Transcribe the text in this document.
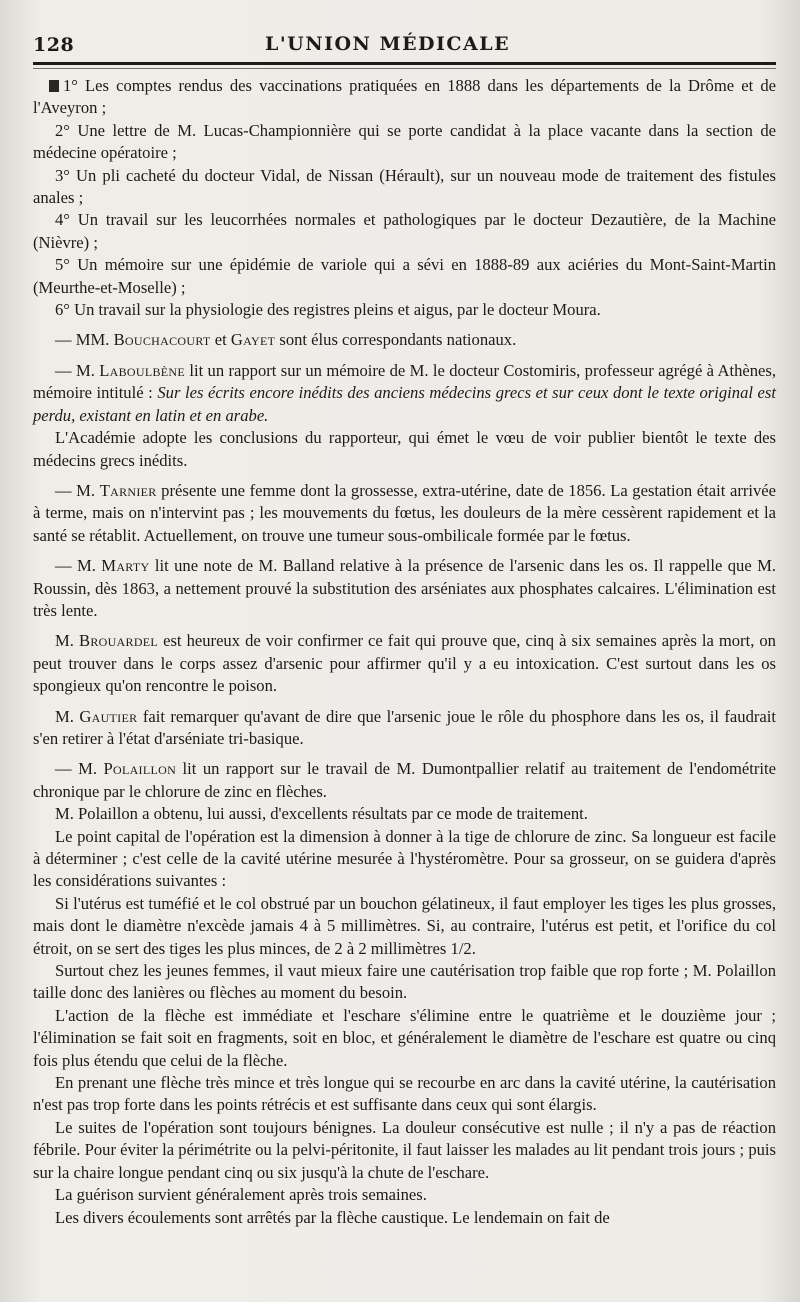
128	L'UNION MÉDICALE

1° Les comptes rendus des vaccinations pratiquées en 1888 dans les départements de la Drôme et de l'Aveyron ;

2° Une lettre de M. Lucas-Championnière qui se porte candidat à la place vacante dans la section de médecine opératoire ;

3° Un pli cacheté du docteur Vidal, de Nissan (Hérault), sur un nouveau mode de traitement des fistules anales ;

4° Un travail sur les leucorrhées normales et pathologiques par le docteur Dezautière, de la Machine (Nièvre) ;

5° Un mémoire sur une épidémie de variole qui a sévi en 1888-89 aux aciéries du Mont-Saint-Martin (Meurthe-et-Moselle) ;

6° Un travail sur la physiologie des registres pleins et aigus, par le docteur Moura.

— MM. Bouchacourt et Gayet sont élus correspondants nationaux.

— M. Laboulbène lit un rapport sur un mémoire de M. le docteur Costomiris, professeur agrégé à Athènes, mémoire intitulé : Sur les écrits encore inédits des anciens médecins grecs et sur ceux dont le texte original est perdu, existant en latin et en arabe.

L'Académie adopte les conclusions du rapporteur, qui émet le vœu de voir publier bientôt le texte des médecins grecs inédits.

— M. Tarnier présente une femme dont la grossesse, extra-utérine, date de 1856. La gestation était arrivée à terme, mais on n'intervint pas ; les mouvements du fœtus, les douleurs de la mère cessèrent rapidement et la santé se rétablit. Actuellement, on trouve une tumeur sous-ombilicale formée par le fœtus.

— M. Marty lit une note de M. Balland relative à la présence de l'arsenic dans les os. Il rappelle que M. Roussin, dès 1863, a nettement prouvé la substitution des arséniates aux phosphates calcaires. L'élimination est très lente.

M. Brouardel est heureux de voir confirmer ce fait qui prouve que, cinq à six semaines après la mort, on peut trouver dans le corps assez d'arsenic pour affirmer qu'il y a eu intoxication. C'est surtout dans les os spongieux qu'on rencontre le poison.

M. Gautier fait remarquer qu'avant de dire que l'arsenic joue le rôle du phosphore dans les os, il faudrait s'en retirer à l'état d'arséniate tri-basique.

— M. Polaillon lit un rapport sur le travail de M. Dumontpallier relatif au traitement de l'endométrite chronique par le chlorure de zinc en flèches.

M. Polaillon a obtenu, lui aussi, d'excellents résultats par ce mode de traitement.

Le point capital de l'opération est la dimension à donner à la tige de chlorure de zinc. Sa longueur est facile à déterminer ; c'est celle de la cavité utérine mesurée à l'hystéromètre. Pour sa grosseur, on se guidera d'après les considérations suivantes :

Si l'utérus est tuméfié et le col obstrué par un bouchon gélatineux, il faut employer les tiges les plus grosses, mais dont le diamètre n'excède jamais 4 à 5 millimètres. Si, au contraire, l'utérus est petit, et l'orifice du col étroit, on se sert des tiges les plus minces, de 2 à 2 millimètres 1/2.

Surtout chez les jeunes femmes, il vaut mieux faire une cautérisation trop faible que rop forte ; M. Polaillon taille donc des lanières ou flèches au moment du besoin.

L'action de la flèche est immédiate et l'eschare s'élimine entre le quatrième et le douzième jour ; l'élimination se fait soit en fragments, soit en bloc, et généralement le diamètre de l'eschare est quatre ou cinq fois plus étendu que celui de la flèche.

En prenant une flèche très mince et très longue qui se recourbe en arc dans la cavité utérine, la cautérisation n'est pas trop forte dans les points rétrécis et est suffisante dans ceux qui sont élargis.

Le suites de l'opération sont toujours bénignes. La douleur consécutive est nulle ; il n'y a pas de réaction fébrile. Pour éviter la périmétrite ou la pelvi-péritonite, il faut laisser les malades au lit pendant trois jours ; puis sur la chaire longue pendant cinq ou six jusqu'à la chute de l'eschare.

La guérison survient généralement après trois semaines.

Les divers écoulements sont arrêtés par la flèche caustique. Le lendemain on fait de
